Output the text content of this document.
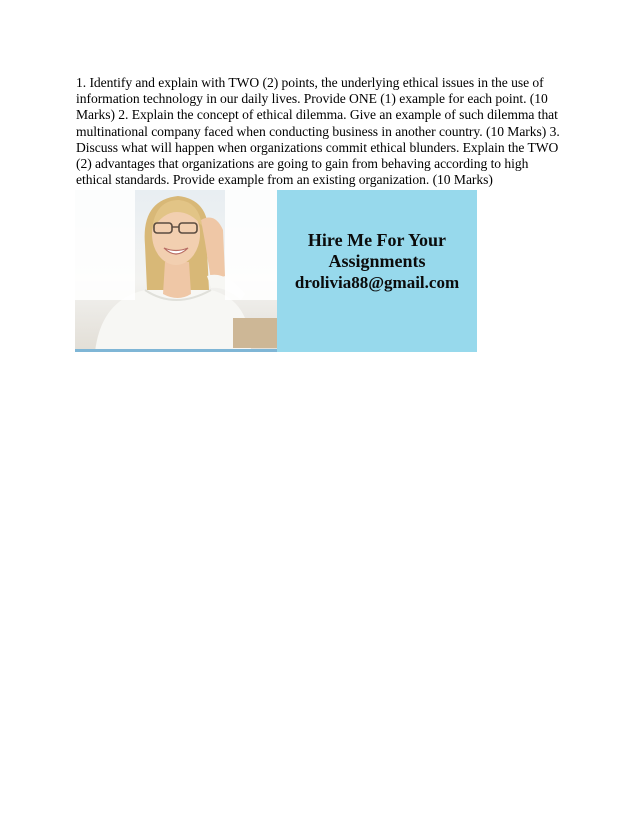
1. Identify and explain with TWO (2) points, the underlying ethical issues in the use of information technology in our daily lives. Provide ONE (1) example for each point. (10 Marks) 2. Explain the concept of ethical dilemma. Give an example of such dilemma that multinational company faced when conducting business in another country. (10 Marks) 3. Discuss what will happen when organizations commit ethical blunders. Explain the TWO (2) advantages that organizations are going to gain from behaving according to high ethical standards. Provide example from an existing organization. (10 Marks)
Hire Me For Your
Assignments
drolivia88@gmail.com
